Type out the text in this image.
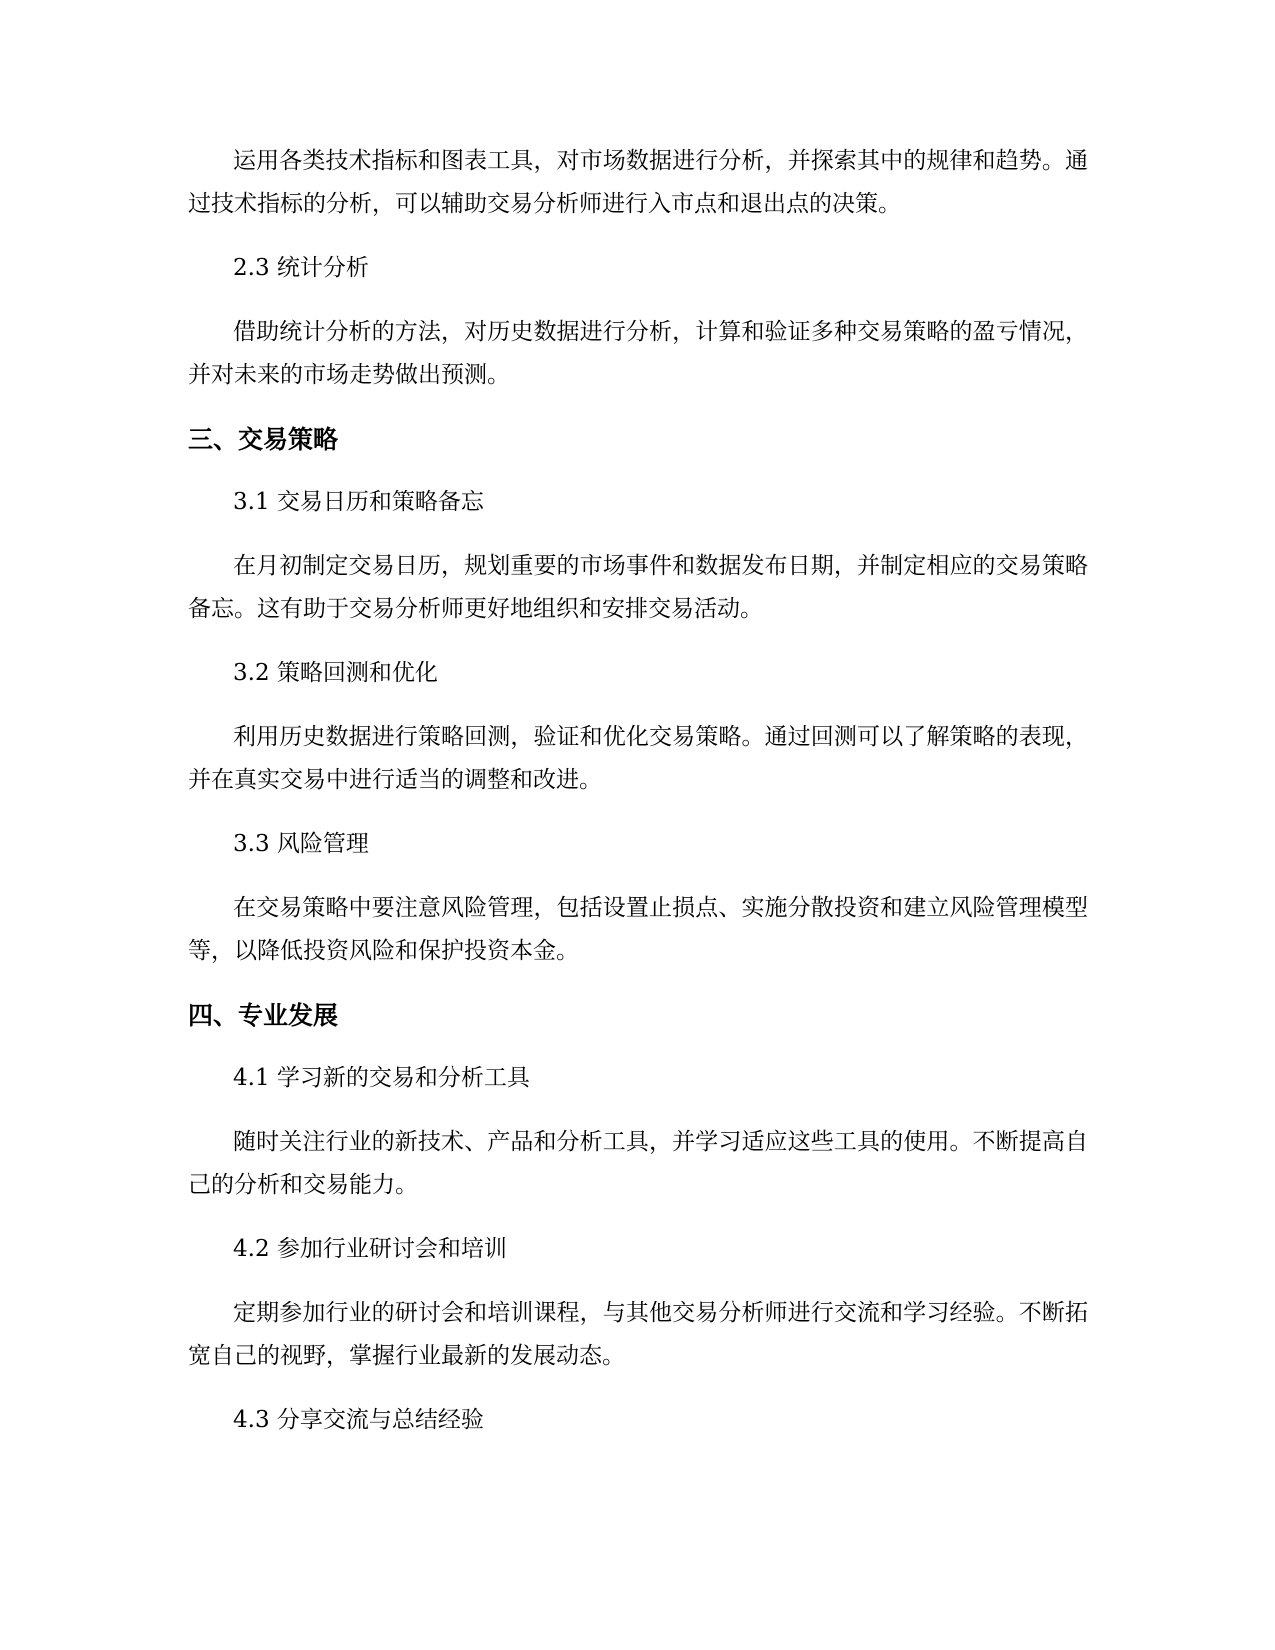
运用各类技术指标和图表工具，对市场数据进行分析，并探索其中的规律和趋势。通过技术指标的分析，可以辅助交易分析师进行入市点和退出点的决策。

2.3 统计分析

借助统计分析的方法，对历史数据进行分析，计算和验证多种交易策略的盈亏情况，并对未来的市场走势做出预测。

三、交易策略
3.1 交易日历和策略备忘

在月初制定交易日历，规划重要的市场事件和数据发布日期，并制定相应的交易策略备忘。这有助于交易分析师更好地组织和安排交易活动。

3.2 策略回测和优化

利用历史数据进行策略回测，验证和优化交易策略。通过回测可以了解策略的表现，并在真实交易中进行适当的调整和改进。

3.3 风险管理

在交易策略中要注意风险管理，包括设置止损点、实施分散投资和建立风险管理模型等，以降低投资风险和保护投资本金。

四、专业发展
4.1 学习新的交易和分析工具

随时关注行业的新技术、产品和分析工具，并学习适应这些工具的使用。不断提高自己的分析和交易能力。

4.2 参加行业研讨会和培训

定期参加行业的研讨会和培训课程，与其他交易分析师进行交流和学习经验。不断拓宽自己的视野，掌握行业最新的发展动态。

4.3 分享交流与总结经验
